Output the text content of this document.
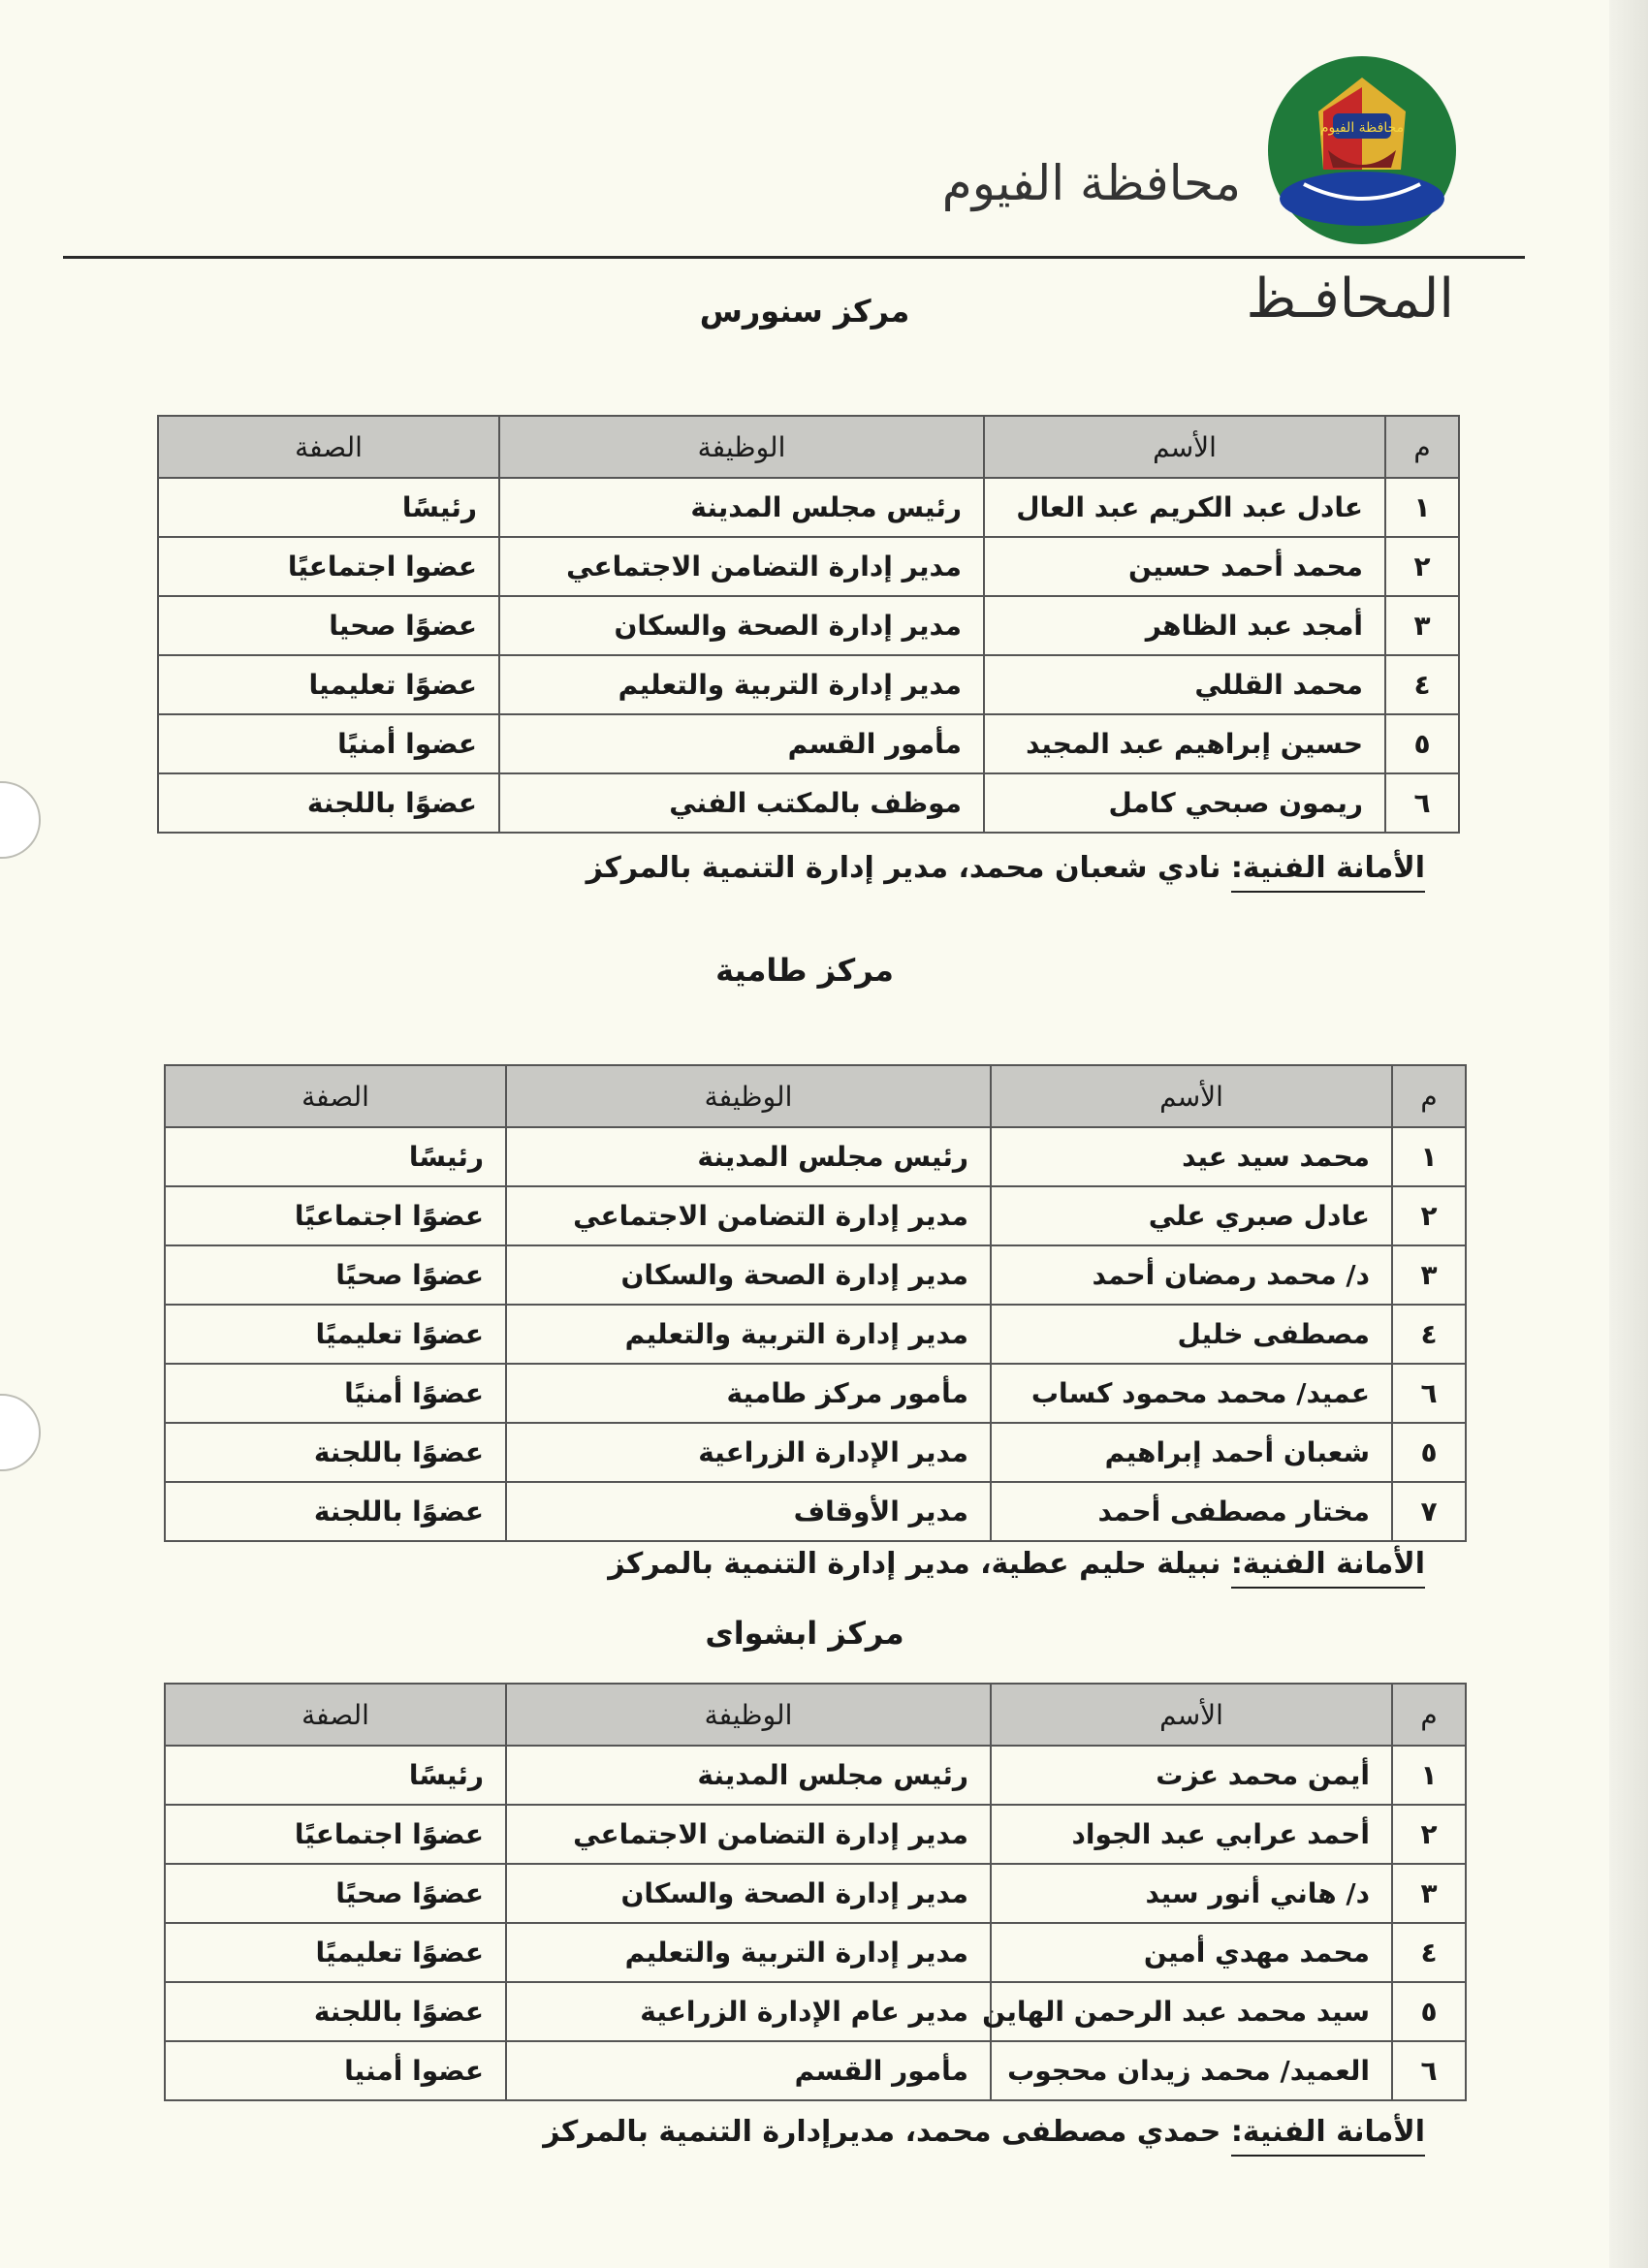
محافظة الفيوم
محافظة الفيوم
المحافـظ
مركز سنورس
م	الأسم	الوظيفة	الصفة
١	عادل عبد الكريم عبد العال	رئيس مجلس المدينة	رئيسًا
٢	محمد أحمد حسين	مدير إدارة التضامن الاجتماعي	عضوا اجتماعيًا
٣	أمجد عبد الظاهر	مدير إدارة الصحة والسكان	عضوًا صحيا
٤	محمد القللي	مدير إدارة التربية والتعليم	عضوًا تعليميا
٥	حسين إبراهيم عبد المجيد	مأمور القسم	عضوا أمنيًا
٦	ريمون صبحي كامل	موظف بالمكتب الفني	عضوًا باللجنة
الأمانة الفنية: نادي شعبان محمد، مدير إدارة التنمية بالمركز
مركز طامية
م	الأسم	الوظيفة	الصفة
١	محمد سيد عيد	رئيس مجلس المدينة	رئيسًا
٢	عادل صبري علي	مدير إدارة التضامن الاجتماعي	عضوًا اجتماعيًا
٣	د/ محمد رمضان أحمد	مدير إدارة الصحة والسكان	عضوًا صحيًا
٤	مصطفى خليل	مدير إدارة التربية والتعليم	عضوًا تعليميًا
٦	عميد/ محمد محمود كساب	مأمور مركز طامية	عضوًا أمنيًا
٥	شعبان أحمد إبراهيم	مدير الإدارة الزراعية	عضوًا باللجنة
٧	مختار مصطفى أحمد	مدير الأوقاف	عضوًا باللجنة
الأمانة الفنية: نبيلة حليم عطية، مدير إدارة التنمية بالمركز
مركز ابشواى
م	الأسم	الوظيفة	الصفة
١	أيمن محمد عزت	رئيس مجلس المدينة	رئيسًا
٢	أحمد عرابي عبد الجواد	مدير إدارة التضامن الاجتماعي	عضوًا اجتماعيًا
٣	د/ هاني أنور سيد	مدير إدارة الصحة والسكان	عضوًا صحيًا
٤	محمد مهدي أمين	مدير إدارة التربية والتعليم	عضوًا تعليميًا
٥	سيد محمد عبد الرحمن الهاين	مدير عام الإدارة الزراعية	عضوًا باللجنة
٦	العميد/ محمد زيدان محجوب	مأمور القسم	عضوا أمنيا
الأمانة الفنية: حمدي مصطفى محمد، مديرإدارة التنمية بالمركز
